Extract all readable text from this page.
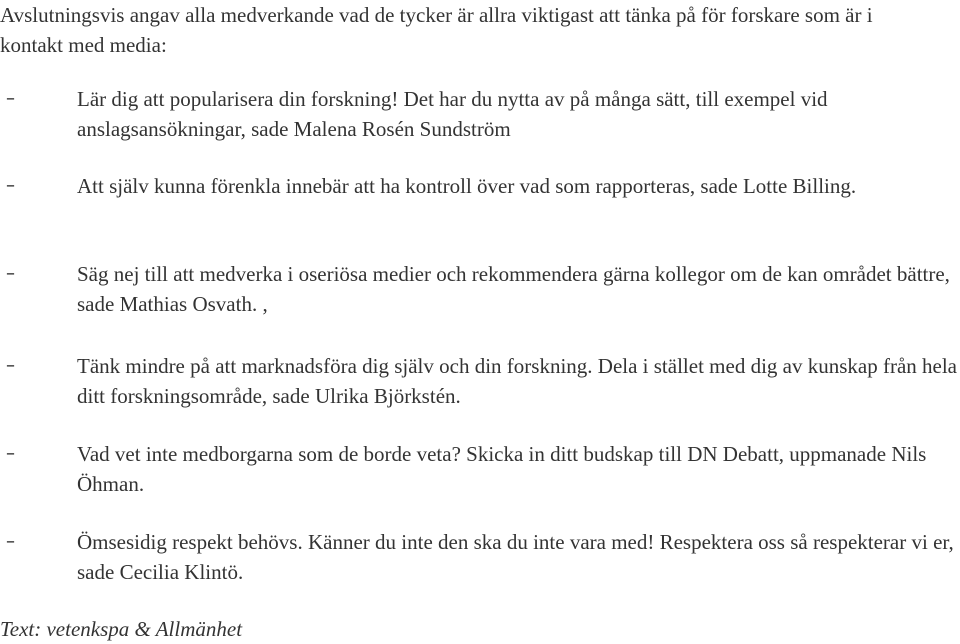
Avslutningsvis angav alla medverkande vad de tycker är allra viktigast att tänka på för forskare som är i kontakt med media:
–	Lär dig att popularisera din forskning! Det har du nytta av på många sätt, till exempel vid anslagsansökningar, sade Malena Rosén Sundström
–	Att själv kunna förenkla innebär att ha kontroll över vad som rapporteras, sade Lotte Billing.
–	Säg nej till att medverka i oseriösa medier och rekommendera gärna kollegor om de kan området bättre, sade Mathias Osvath. ,
–	Tänk mindre på att marknadsföra dig själv och din forskning. Dela i stället med dig av kunskap från hela ditt forskningsområde, sade Ulrika Björkstén.
–	Vad vet inte medborgarna som de borde veta? Skicka in ditt budskap till DN Debatt, uppmanade Nils Öhman.
–	Ömsesidig respekt behövs. Känner du inte den ska du inte vara med! Respektera oss så respekterar vi er, sade Cecilia Klintö.
Text: vetenkspa & Allmänhet
